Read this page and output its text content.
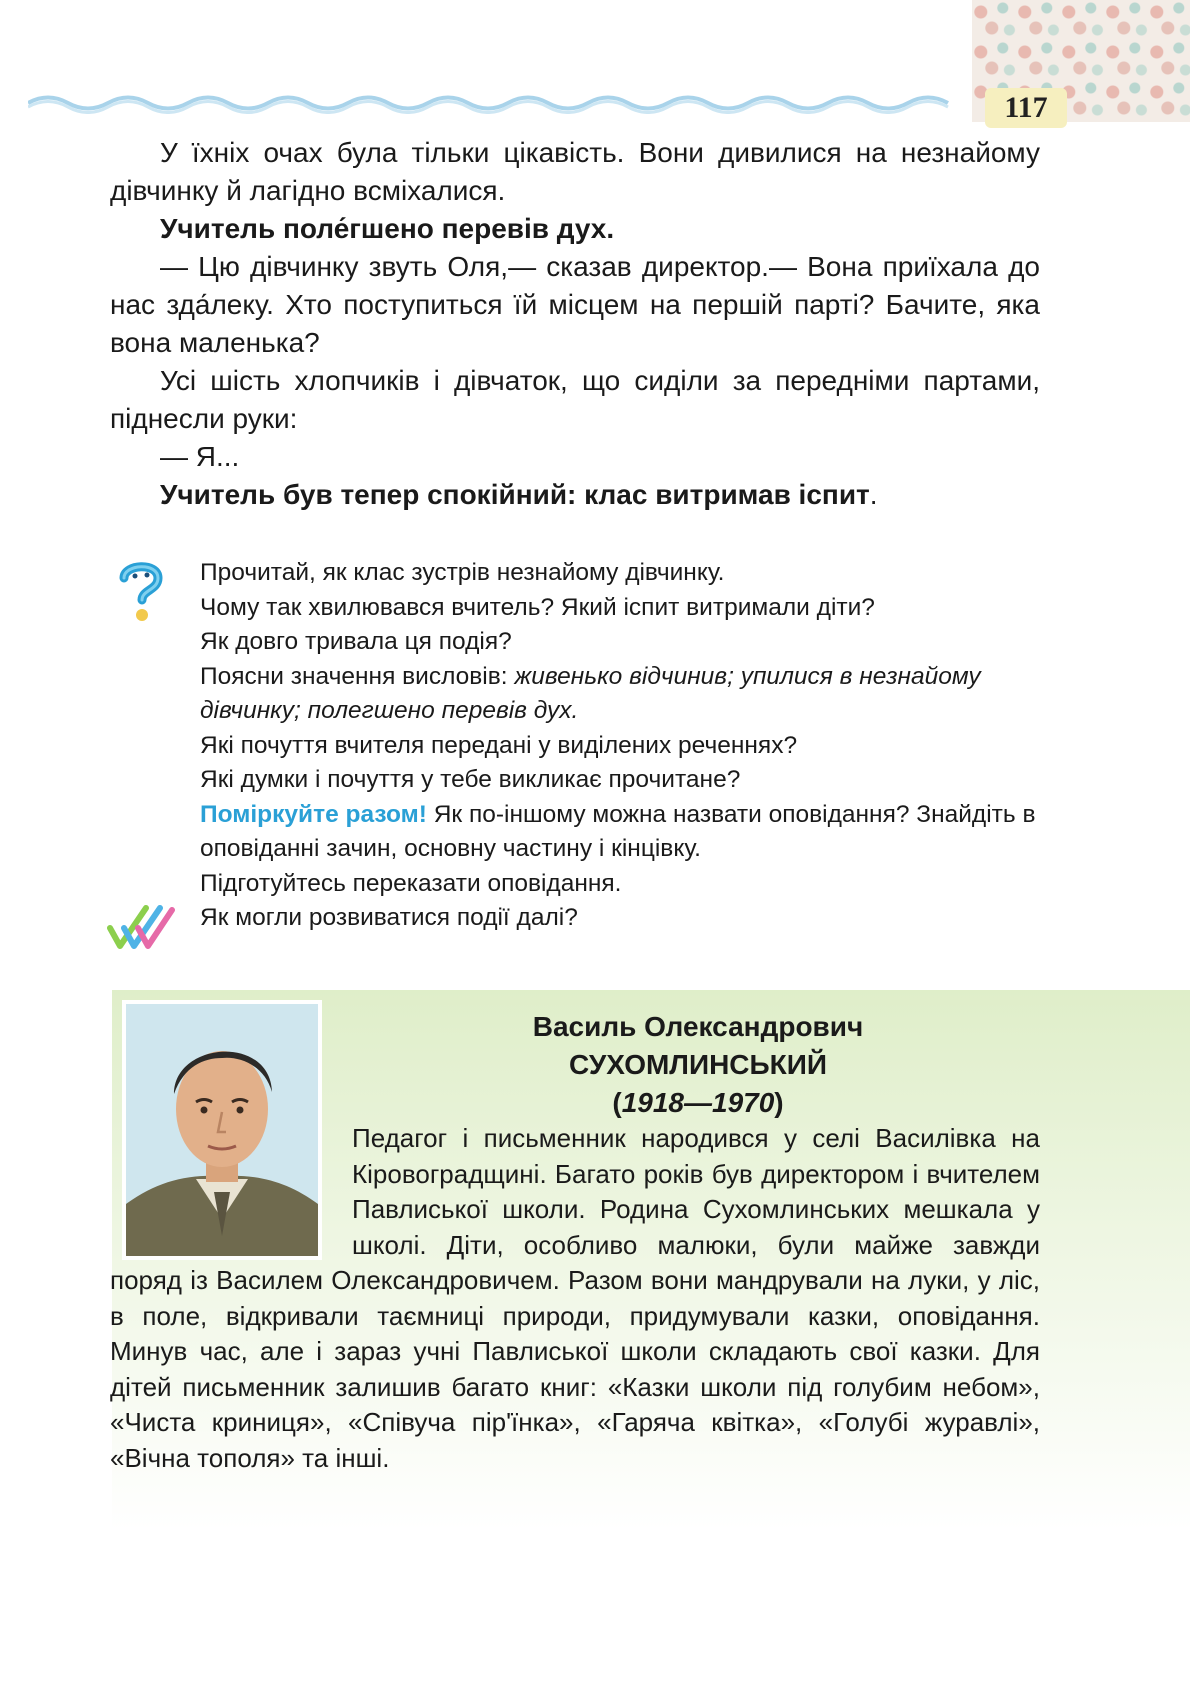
117

У їхніх очах була тільки цікавість. Вони дивилися на незнайому дівчинку й лагідно всміхалися.

Учитель поле́гшено перевів дух.

— Цю дівчинку звуть Оля,— сказав директор.— Вона приїхала до нас зда́леку. Хто поступиться їй місцем на першій парті? Бачите, яка вона маленька?

Усі шість хлопчиків і дівчаток, що сиділи за передніми партами, піднесли руки:

— Я...

Учитель був тепер спокійний: клас витримав іспит.

Прочитай, як клас зустрів незнайому дівчинку.

Чому так хвилювався вчитель? Який іспит витримали діти?

Як довго тривала ця подія?

Поясни значення висловів: живенько відчинив; упилися в незнайому дівчинку; полегшено перевів дух.

Які почуття вчителя передані у виділених реченнях?

Які думки і почуття у тебе викликає прочитане?

Поміркуйте разом! Як по-іншому можна назвати оповідання? Знайдіть в оповіданні зачин, основну частину і кінцівку.

Підготуйтесь переказати оповідання.

Як могли розвиватися події далі?

Василь Олександрович
СУХОМЛИНСЬКИЙ
(1918—1970)

Педагог і письменник народився у селі Василівка на Кіровоградщині. Багато років був директором і вчителем Павлиської школи. Родина Сухомлинських мешкала у школі. Діти, особливо малюки, були майже завжди поряд із Василем Олександровичем. Разом вони мандрували на луки, у ліс, в поле, відкривали таємниці природи, придумували казки, оповідання. Минув час, але і зараз учні Павлиської школи складають свої казки. Для дітей письменник залишив багато книг: «Казки школи під голубим небом», «Чиста криниця», «Співуча пір'їнка», «Гаряча квітка», «Голубі журавлі», «Вічна тополя» та інші.
